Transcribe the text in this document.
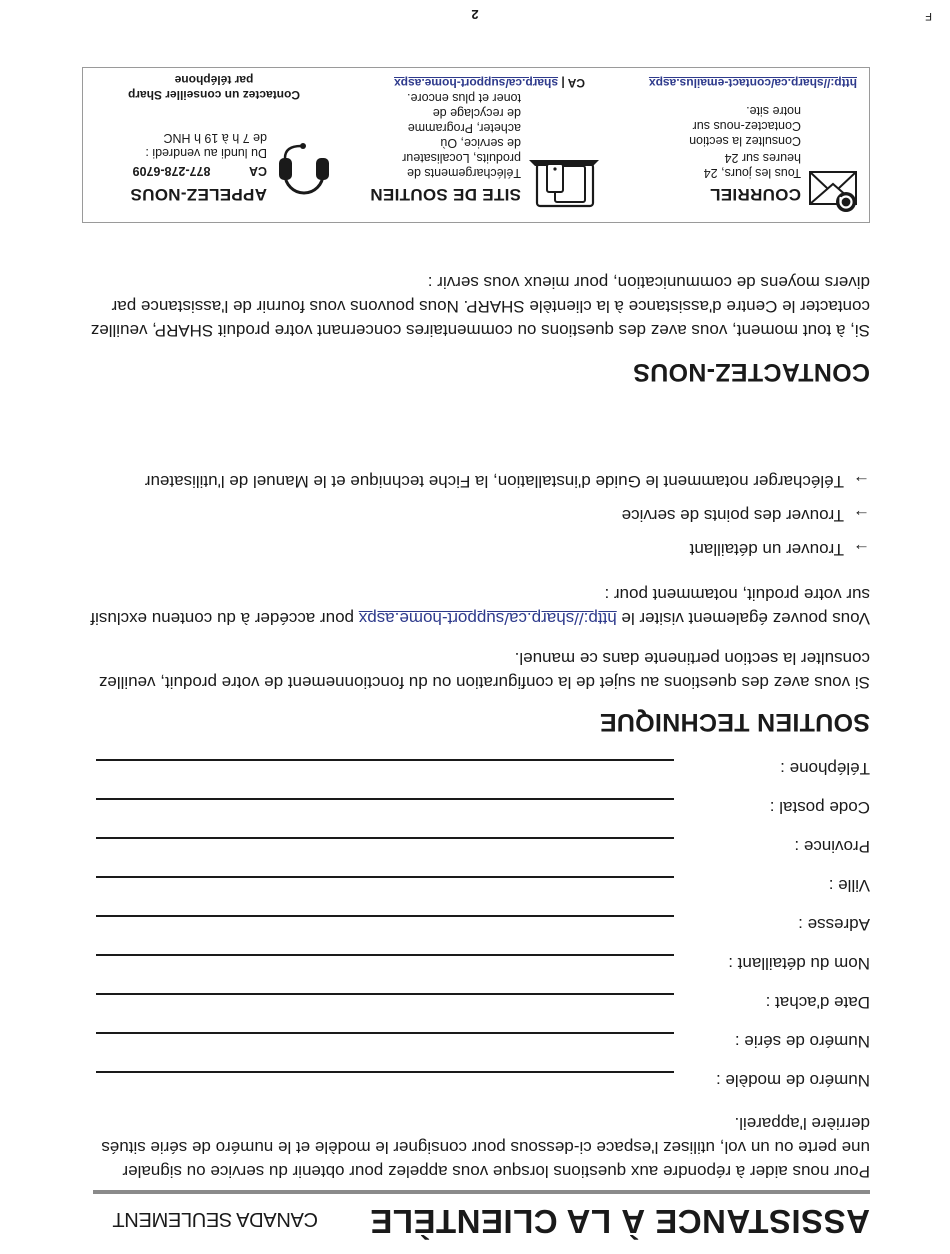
F
2
ASSISTANCE À LA CLIENTÈLE
CANADA SEULEMENT
Pour nous aider à répondre aux questions lorsque vous appelez pour obtenir du service ou signaler une perte ou un vol, utilisez l'espace ci-dessous pour consigner le modèle et le numéro de série situés derrière l'appareil.
Numéro de modèle :
Numéro de série :
Date d'achat :
Nom du détaillant :
Adresse :
Ville :
Province :
Code postal :
Téléphone :
SOUTIEN TECHNIQUE
Si vous avez des questions au sujet de la configuration ou du fonctionnement de votre produit, veuillez consulter la section pertinente dans ce manuel.
Vous pouvez également visiter le http://sharp.ca/support-home.aspx pour accéder à du contenu exclusif sur votre produit, notamment pour :
→
Trouver un détaillant
→
Trouver des points de service
→
Télécharger notamment le Guide d'installation, la Fiche technique et le Manuel de l'utilisateur
CONTACTEZ-NOUS
Si, à tout moment, vous avez des questions ou commentaires concernant votre produit SHARP, veuillez contacter le Centre d'assistance à la clientèle SHARP. Nous pouvons vous fournir de l'assistance par divers moyens de communication, pour mieux vous servir :
COURRIEL
Tous les jours, 24 heures sur 24
Consultez la section Contactez-nous sur notre site.
http://sharp.ca/contact-emailus.aspx
SITE DE SOUTIEN
Téléchargements de produits, Localisateur de service, Où acheter, Programme de recyclage de toner et plus encore.
CA | sharp.ca/support-home.aspx
APPELEZ-NOUS
CA  877-278-6709
Du lundi au vendredi : de 7 h à 19 h HNC
Contactez un conseiller Sharp par téléphone
